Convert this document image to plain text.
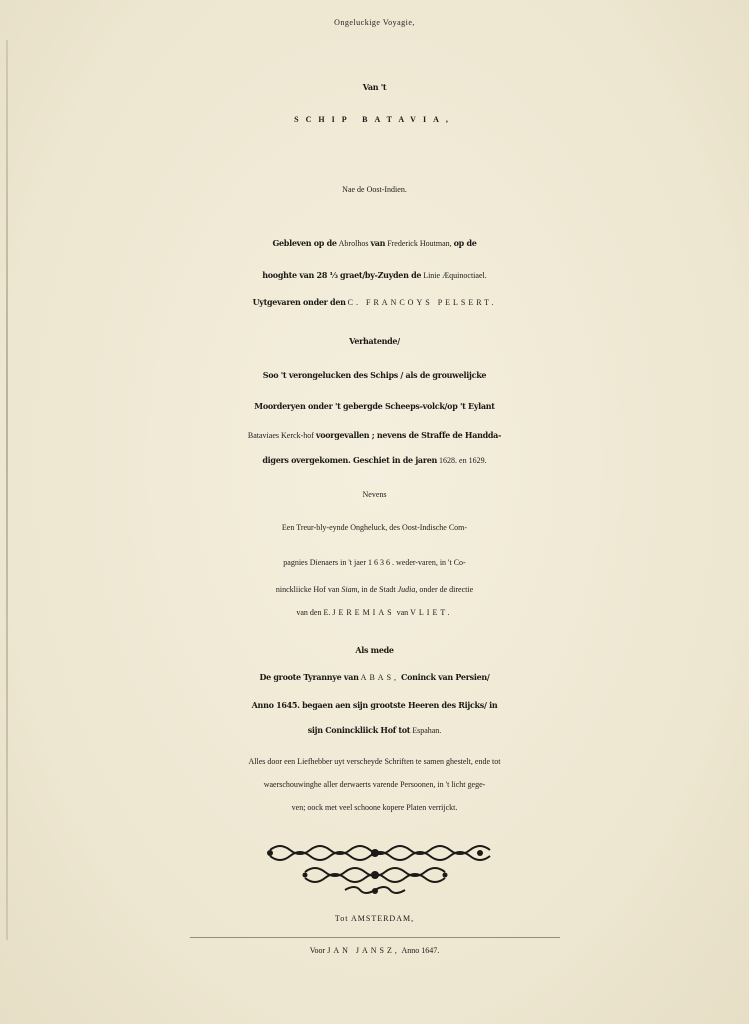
Ongeluckige Voyagie,
Van 't
SCHIP BATAVIA,
Nae de Oost-Indien.
Gebleven op de Abrolhos van Frederick Houtman, op de
hooghte van 28 ⅓ graet/by-Zuyden de Linie Æquinoctiael.
Uytgevaren onder den C. FRANCOYS PELSERT.
Verhatende/
Soo 't verongelucken des Schips / als de grouwelijcke
Moorderyen onder 't gebergde Scheeps-volck/op 't Eylant
Bataviaes Kerck-hof voorgevallen ; nevens de Straffe de Handda-
digers overgekomen. Geschiet in de jaren 1628. en 1629.
Nevens
Een Treur-bly-eynde Ongheluck, des Oost-Indische Com-
pagnies Dienaers in 't jaer 1 6 3 6 . weder-varen, in 't Co-
ninckliicke Hof van Siam, in de Stadt Judia, onder de directie
van den E. JEREMIAS van VLIET.
Als mede
De groote Tyrannye van ABAS, Coninck van Persien/
Anno 1645. begaen aen sijn grootste Heeren des Rijcks/ in
sijn Coninckliick Hof tot Espahan.
Alles door een Liefhebber uyt verscheyde Schriften te samen ghestelt, ende tot
waerschouwinghe aller derwaerts varende Persoonen, in 't licht gege-
ven; oock met veel schoone kopere Platen verrijckt.
Tot AMSTERDAM,
Voor JAN JANSZ, Anno 1647.
